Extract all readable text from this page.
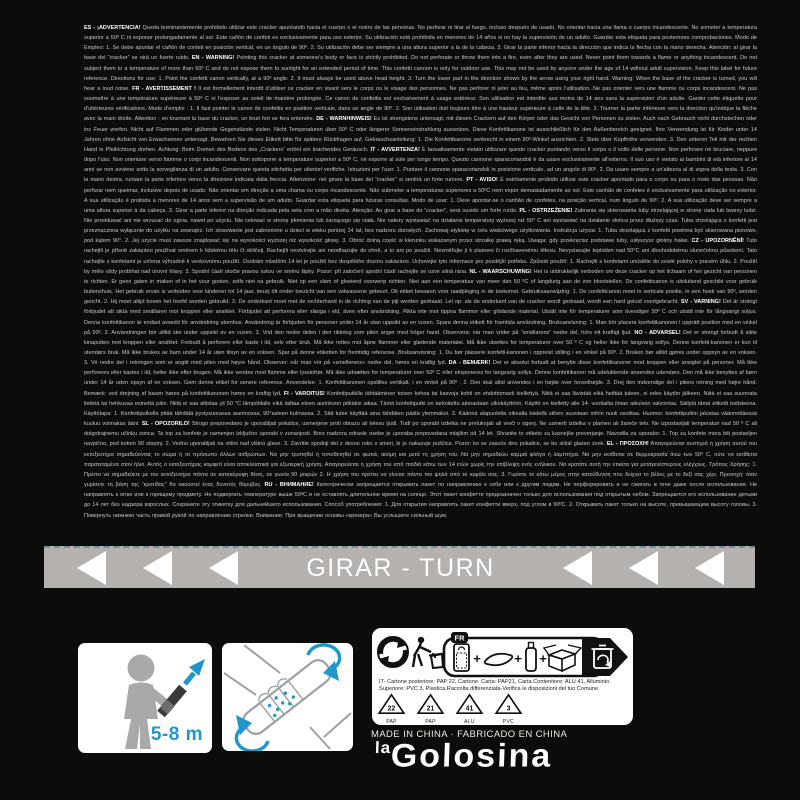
ES - ¡ADVERTENCIA! Queda terminantemente prohibido utilizar este cracker apuntando hacia el cuerpo o el rostro de las personas. No perforar ni tirar al fuego, incluso después de usado. No orientar hacia una llama o cuerpo incandescente. No someter a temperatura superior a 50º C ni exponer prolongadamente al sol. Este cañón de confeti es exclusivamente para uso exterior. Su utilización está prohibida en menores de 14 años si no hay la supervisión de un adulto. Guardar esta etiqueta para posteriores comprobaciones. Modo de Empleo: 1. Se debe apuntar el cañón de confeti en posición vertical, en un ángulo de 90º. 2. Su utilización debe ser siempre a una altura superior a la de la cabeza. 3. Girar la parte inferior hacia la dirección que indica la flecha con la mano derecha. Atención: al girar la base del “cracker” se oirá un fuerte ruido. EN - WARNING! Pointing this cracker at someone's body or face is strictly prohibited. Do not perforate or throw them into a fire, even after they are used. Never point them towards a flame or anything incandescent. Do not subject them to a temperature of more than 50º C and do not expose them to sunlight for an extended period of time. This confetti cannon is only for outdoor use. This may not be used by anyone under the age of 14 without adult supervision. Keep this label for future reference. Directions for use: 1. Point the confetti canon vertically, at a 90º angle. 2. It must always be used above head height. 3. Turn the lower part in the direction shown by the arrow using your right hand. Warning: When the base of the cracker is turned, you will hear a loud noise. FR - AVERTISSEMENT ! Il est formellement interdit d'utiliser ce cracker en visant vers le corps ou le visage des personnes. Ne pas perforer ni jeter au feu, même après l'utilisation. Ne pas orienter vers une flamme ou corps incandescent. Ne pas soumettre à une température supérieure à 50º C ni l'exposer au soleil de manière prolongée. Ce canon de confettis est exclusivement à usage extérieur. Son utilisation est interdite aux moins de 14 ans sans la supervision d'un adulte. Garder cette étiquette pour d'ultérieures vérifications. Mode d'emploi : 1. Il faut pointer le canon de confettis en position verticale, dans un angle de 90º. 2. Son utilisation doit toujours être à une hauteur supérieure à celle de la tête. 3. Tourner la partie inférieure vers la direction qu'indique la flèche avec la main droite. Attention : en tournant la base du cracker, un bruit fort se fera entendre. DE - WARNHINWEIS! Es ist strengstens untersagt, mit diesen Crackern auf den Körper oder das Gesicht von Personen zu zielen. Auch nach Gebrauch nicht durchstechen oder ins Feuer werfen. Nicht auf Flammen oder glühende Gegenstände zielen. Nicht Temperaturen über 50º C oder längerer Sonneneinstrahlung aussetzen. Diese Konfettikanone ist ausschließlich für den Außenbereich geeignet. Ihre Verwendung ist für Kinder unter 14 Jahren ohne Aufsicht von Erwachsenen untersagt. Bewahren Sie dieses Etikett bitte für spätere Rückfragen auf. Gebrauchsanleitung: 1. Die Konfettikanone senkrecht in einem 90º-Winkel ausrichten. 2. Stets über Kopfhöhe verwenden. 3. Den unteren Teil mit der rechten Hand in Pfeilrichtung drehen. Achtung: Beim Drehen des Bodens des „Crackers“ ertönt ein krachendes Geräusch. IT - AVVERTENZA! È tassativamente vietato utilizzare questo cracker puntando verso il corpo o il volto delle persone. Non perforare né bruciare, neppure dopo l'uso. Non orientare verso fiamme o corpi incandescenti. Non sottoporre a temperature superiori a 50º C, né esporre al sole per lungo tempo. Questo cannone sparacoriandoli è da usare esclusivamente all'esterno. Il suo uso è vietato ai bambini di età inferiore ai 14 anni se non avviene sotto la sorveglianza di un adulto. Conservare questa etichetta per ulteriori verifiche. Istruzioni per l'uso: 1. Puntare il cannone sparacoriandoli in posizione verticale, ad un angolo di 90º. 2. Da usare sempre a un'altezza al di sopra della testa. 3. Con la mano destra, ruotare la parte inferiore verso la direzione indicata dalla freccia. Attenzione: nel girare la base del “cracker” si sentirà un forte rumore. PT - AVISO! É estritamente proibido utilizar este cracker apontado para o corpo ou para o rosto das pessoas. Não perfurar nem queimar, inclusive depois de usado. Não orientar em direção a uma chama ou corpo incandescente. Não submeter a temperaturas superiores a 50ºC nem expor demasiadamente ao sol. Este canhão de confetes é exclusivamente para utilização no exterior. A sua utilização é proibida a menores de 14 anos sem a supervisão de um adulto. Guardar esta etiqueta para futuras consultas. Modo de usar: 1. Deve apontar-se o canhão de confetes, na posição vertical, num ângulo de 90º. 2. A sua utilização deve ser sempre a uma altura superior à da cabeça. 3. Girar a parte inferior na direção indicada pela seta com a mão direita. Atenção: Ao girar a base do “cracker”, será ouvido um forte ruído. PL - OSTRZEŻENIE! Zabrania się skierowania tuby strzelającej w stronę ciała lub twarzy ludzi. Nie przekłuwać ani nie wrzucać do ognia, nawet po użyciu. Nie celować w stronę płomienia lub żarzącego się ciała. Nie należy wystawiać na działanie temperatury wyższej niż 50° C ani wystawiać na działanie słońca przez dłuższy czas. Tuba strzelająca z konfetti jest przeznaczona wyłącznie do użytku na zewnątrz. Ich stosowanie jest zabronione u dzieci w wieku poniżej 14 lat, bez nadzoru dorosłych. Zachowaj etykietę w celu właściwego użytkowania. Instrukcja użycia: 1. Tuba strzelająca z konfetti powinna być skierowana pionowo, pod kątem 90°. 2. Jej użycie musi zawsze znajdować się na wysokości wyższej niż wysokość głowy. 3. Obróć dolną część w kierunku wskazanym przez strzałkę prawą ręką. Uwaga: gdy przekręcisz podstawę tuby, usłyszysz głośny hałas. CZ - UPOZORNĚNÍ! Tuto rachejtli je přísně zakázáno používat směrem k lidskému tělu či obličeji. Rachejtli neotvírejte ani neodhazujte do ohně, a to ani po použití. Nesměřujte ji k plameni či rozžhavenému tělesu. Nevystavujte teplotám nad 50°C ani dlouhodobému slunečnímu působení. Tato rachejtle s konfetami je určena výhradně k venkovnímu použití. Osobám mladším 14 let je použití bez dospělého dozoru zakázáno. Uchovejte tyto informace pro pozdější potřebu. Způsob použití: 1. Rachejtli s konfetami umístěte do svislé polohy v pravém úhlu. 2. Použití by mělo vždy probíhat nad úrovní hlavy. 3. Spodní částí otočte pravou rukou ve směru šipky. Pozor: při zatočení spodní částí rachejtle se ozve silná rána. NL - WAARSCHUWING! Het is uitdrukkelijk verboden om deze cracker op het lichaam of het gezicht van personen te richten. Er geen gaten in maken of in het vuur gooien, zelfs niet na gebruik. Niet op een vlam of gloeiend voorwerp richten. Niet aan een temperatuur van meer dan 50 ºC of langdurig aan de zon blootstellen. De confetticanon is uitsluitend geschikt voor gebruik buitenshuis. Het gebruik ervan is verboden voor kinderen tot 14 jaar, tenzij dit onder toezicht van een volwassene gebeurt. Dit etiket bewaren voor raadpleging in de toekomst. Gebruiksaanwijzing: 1. De confetticanon moet in verticale positie, in een hoek van 90º, worden gericht. 2. Hij moet altijd boven het hoofd worden gebruikt. 3. De onderkant moet met de rechterhand in de richting van de pijl worden gedraaid. Let op: als de onderkant van de cracker wordt gedraaid, wordt een hard geluid voortgebracht. SV - VARNING! Det är strängt förbjudet att sikta med smällaren mot kroppen eller ansiktet. Förbjudet att perforera eller slänga i eld, även efter användning. Rikta inte mot öppna flammor eller glödande material. Utsätt inte för temperaturer som överstiger 50º C och utsätt inte för långvarigt soljus. Denna konfettikanon är endast avsedd för användning utomhus. Användning är förbjuden för personer under 14 år utan uppsikt av en vuxen. Spara denna etikett för framtida användning. Bruksanvisning: 1. Man bör placera konfettikanonen i upprätt position med en vinkel på 90º. 2. Användningen bör alltid ske under uppsikt av en vuxen. 3. Vrid den nedre delen i den riktning som pilen anger med höger hand. Observera: när man vrider på “smällarens” nedre del, hörs ett kraftigt ljud. NO - ADVARSEL! Det er strengt forbudt å sikte kinaputten mot kroppen eller ansiktet. Forbudt å perforere eller kaste i ild, selv etter bruk. Må ikke rettes mot åpne flammer eller glødende materialer. Må ikke utsettes for temperaturer over 50 º C og heller ikke for langvarig sollys. Denne konfetti-kanonen er kun til utendørs bruk. Må ikke brukes av barn under 14 år uten tilsyn av en voksen. Spar på denne etiketten for fremtidig referanse. Bruksanvisning: 1. Du bør plassere konfetti-kanonen i oppreist stilling i en vinkel på 90º. 2. Bruken bør alltid gjøres under oppsyn av en voksen. 3. Vri nedre del i retningen som er angitt med pilen med høyre hånd. Observer: når man vrir på «smellerens» nedre del, høres en kraftig lyd. DA - BEMÆRK! Det er absolut forbudt at benytte disse konfettikanoner mod kroppen eller ansigtet på personer. Må ikke perforeres eller kastes i ild, heller ikke efter brugen. Må ikke vendes mod flamme eller lysstofrør. Må ikke udsættes for temperaturer over 50º C eller eksponeres for langvarig sollys. Denne konfettikanon må udelukkende anvendes udendørs. Den må ikke benyttes af børn under 14 år uden opsyn af en voksen. Gem denne etiket for senere reference. Anvendelse: 1. Konfettikanonen opstilles vertikalt, i en vinkel på 90º . 2. Den skal altid anvendes i en højde over hovedhøjde. 3. Drej den indvendige del i pilens retning med højre hånd. Bemærk: ved drejning af basen høres på konfettikanonen høres en kraftig lyd. FI - VAROITUS! Konfettiputkilla tähtääminen toisen kehoa tai kasvoja kohti on ehdottomasti kiellettyä. Niitä ei saa lävistää eikä heittää tuleen, ei edes käytön jälkeen. Niitä ei saa suunnata liekkiä tai hehkuvaa esinettä päin. Niitä ei saa altistaa yli 50 °C lämpötilalle eikä laittaa eteen aurinkoon pitkäksi aikaa. Tämä konfettiputki on tarkoitettu ainoastaan ulkokäyttöön. Käyttö on kielletty alle 14- vuotiailta ilman aikuisen valvontaa. Säilytä tämä etiketti todisteena. Käyttötapa: 1. Konfettiputkella pitää tähdätä pystysuorassa asennossa, 90°asteen kulmassa. 2. Sitä tulee käyttää aina tähdäten päätä ylemmäksi. 3. Käännä alapuolelta oikealla kädellä siihen suuntaan mihin nuoli osoittaa. Huomio: konfettiputkin jalustaa väännettäessä kuuluu voimakas ääni. SL - OPOZORILO! Strogo prepovedano je uporabljati pokalice, usmerjene proti obrazu ali telesu ljudi. Tudi po uporabi izdelka ne preluknjati ali vreči v ogenj. Ne usmerti izdelka v plamen ali žareče telo. Ne izpostavljati temperaturi nad 50 º C ali dolgotrajnemu učinku sonca. Ta top za konfete je namenjen izključno uporabi v zunanjosti. Brez nadzora odrasle osebe je uporaba prepovedana mlajšim od 14 let. Shranite to etiketo za kasnejše preverjanje. Navodila za uporabo: 1. Top za konfete mora biti postavljen navpično, pod kotom 90 stopinj. 2. Vedno uporabljati na višini nad višino glave. 3. Zavrtite spodnji del z desno roko v smeri, ki jo nakazuje puščica. Pozor: ko se zasuče dno pokalice, se bo slišal glasen zvok. EL - ΠΡΟΣΟΧΗ! Απαγορεύεται αυστηρά η χρήση αυτού του εκτοξευτήρα σημαδεύοντας το σώμα ή το πρόσωπο άλλων ανθρώπων. Να μην τρυπηθεί ή τοποθετηθεί σε φωτιά, ακόμη και μετά τη χρήση του. Να μην σημαδεύει καμμιά φλόγα ή λαμπτήρα. Να μην εκτίθεται σε θερμοκρασία άνω των 50º C, ούτε να εκτίθεται παρατεταμένα στον ήλιο. Αυτός ο εκτοξευτήρας κομφετί είναι αποκλειστικά για εξωτερική χρήση. Απαγορεύεται η χρήση του από παιδιά κάτω των 14 ετών χωρίς την επίβλεψη ενός ενήλικου. Να κρατάτε αυτή την ετικέτα για μεταγενέστερους ελέγχους. Τρόπος Χρήσης: 1. Πρέπει να σημαδεύετε με τον εκτοξευτήρα πάντα σε κατακόρυφη θέση, σε γωνία 90 μοιρών 2. Η χρήση του πρέπει να γίνεται πάντα πιο ψηλά από το κεφάλι σας. 3. Γυρίστε το κάτω μέρος στην κατεύθυνση που δείχνει το βέλος με το δεξί σας χέρι. Προσοχή: όταν γυρίσετε τη βάση της “κροτίδας” θα ακουστεί ένας δυνατός θόρυβος. RU - ВНИМАНИЕ! Категорически запрещается открывать пакет по направлению к себе или к другим людям. Не перфорировать и не сжигать в огне даже после использования. Не направлять к огню или к горящему предмету. Не подвергать температуре выше 50ºC и не оставлять длительное время на солнце. Этот пакет конфетти предназначен только для использования под открытым небом. Запрещается его использование детьми до 14 лет без надзора взрослых. Сохраните эту этикетку для дальнейшего использования. Способ употребления: 1. Для открытия направлять пакет конфетти вверх, под углом в 90ºC. 2. Открывать пакет только на высоте, превышающем высоту головы. 3. Повернуть нижнюю часть правой рукой по направлению стрелки. Внимание: При вращении основы «крекера» Вы услышите сильный шум.
GIRAR - TURN
5-8 m
FR
+	+ +
IT- Cartone posteriore: PAP 22, Cartone. Carta: PAP21, Carta.Contenitore: ALU 41, Alluminio.
Superiore: PVC 3, Plastica.Raccolta differenziata-Verifica le disposizioni del tuo Comune.
22
PAP
21
PAP
41
ALU
3
PVC
MADE IN CHINA · FABRICADO EN CHINA
laGolosina
